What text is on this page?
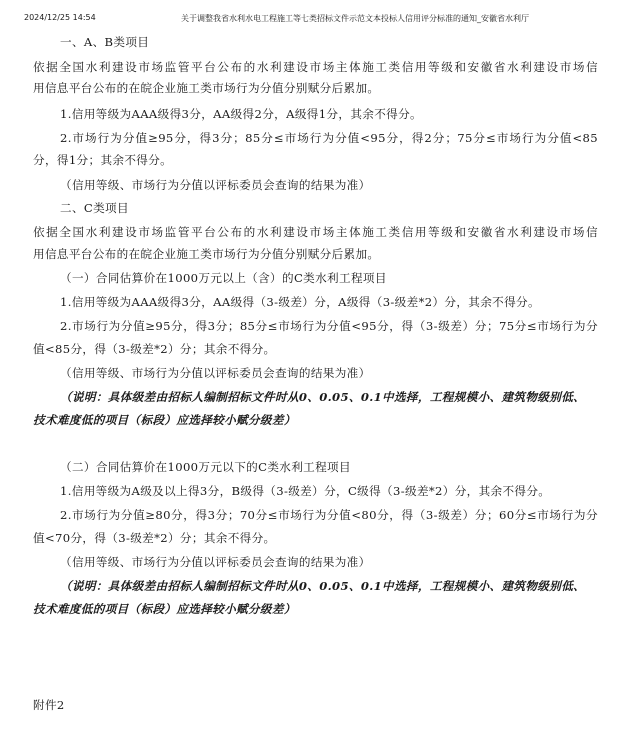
2024/12/25 14:54	关于调整我省水利水电工程施工等七类招标文件示范文本投标人信用评分标准的通知_安徽省水利厅
一、A、B类项目
依据全国水利建设市场监管平台公布的水利建设市场主体施工类信用等级和安徽省水利建设市场信
用信息平台公布的在皖企业施工类市场行为分值分别赋分后累加。
1.信用等级为AAA级得3分，AA级得2分，A级得1分，其余不得分。
2.市场行为分值≥95分，得3分；85分≤市场行为分值<95分，得2分；75分≤市场行为分值<85
分，得1分；其余不得分。
（信用等级、市场行为分值以评标委员会查询的结果为准）
二、C类项目
依据全国水利建设市场监管平台公布的水利建设市场主体施工类信用等级和安徽省水利建设市场信
用信息平台公布的在皖企业施工类市场行为分值分别赋分后累加。
（一）合同估算价在1000万元以上（含）的C类水利工程项目
1.信用等级为AAA级得3分，AA级得（3-级差）分，A级得（3-级差*2）分，其余不得分。
2.市场行为分值≥95分，得3分；85分≤市场行为分值<95分，得（3-级差）分；75分≤市场行为分
值<85分，得（3-级差*2）分；其余不得分。
（信用等级、市场行为分值以评标委员会查询的结果为准）
（说明：具体级差由招标人编制招标文件时从0、0.05、0.1中选择，工程规模小、建筑物级别低、
技术难度低的项目（标段）应选择较小赋分级差）
（二）合同估算价在1000万元以下的C类水利工程项目
1.信用等级为A级及以上得3分，B级得（3-级差）分，C级得（3-级差*2）分，其余不得分。
2.市场行为分值≥80分，得3分；70分≤市场行为分值<80分，得（3-级差）分；60分≤市场行为分
值<70分，得（3-级差*2）分；其余不得分。
（信用等级、市场行为分值以评标委员会查询的结果为准）
（说明：具体级差由招标人编制招标文件时从0、0.05、0.1中选择，工程规模小、建筑物级别低、
技术难度低的项目（标段）应选择较小赋分级差）
附件2
